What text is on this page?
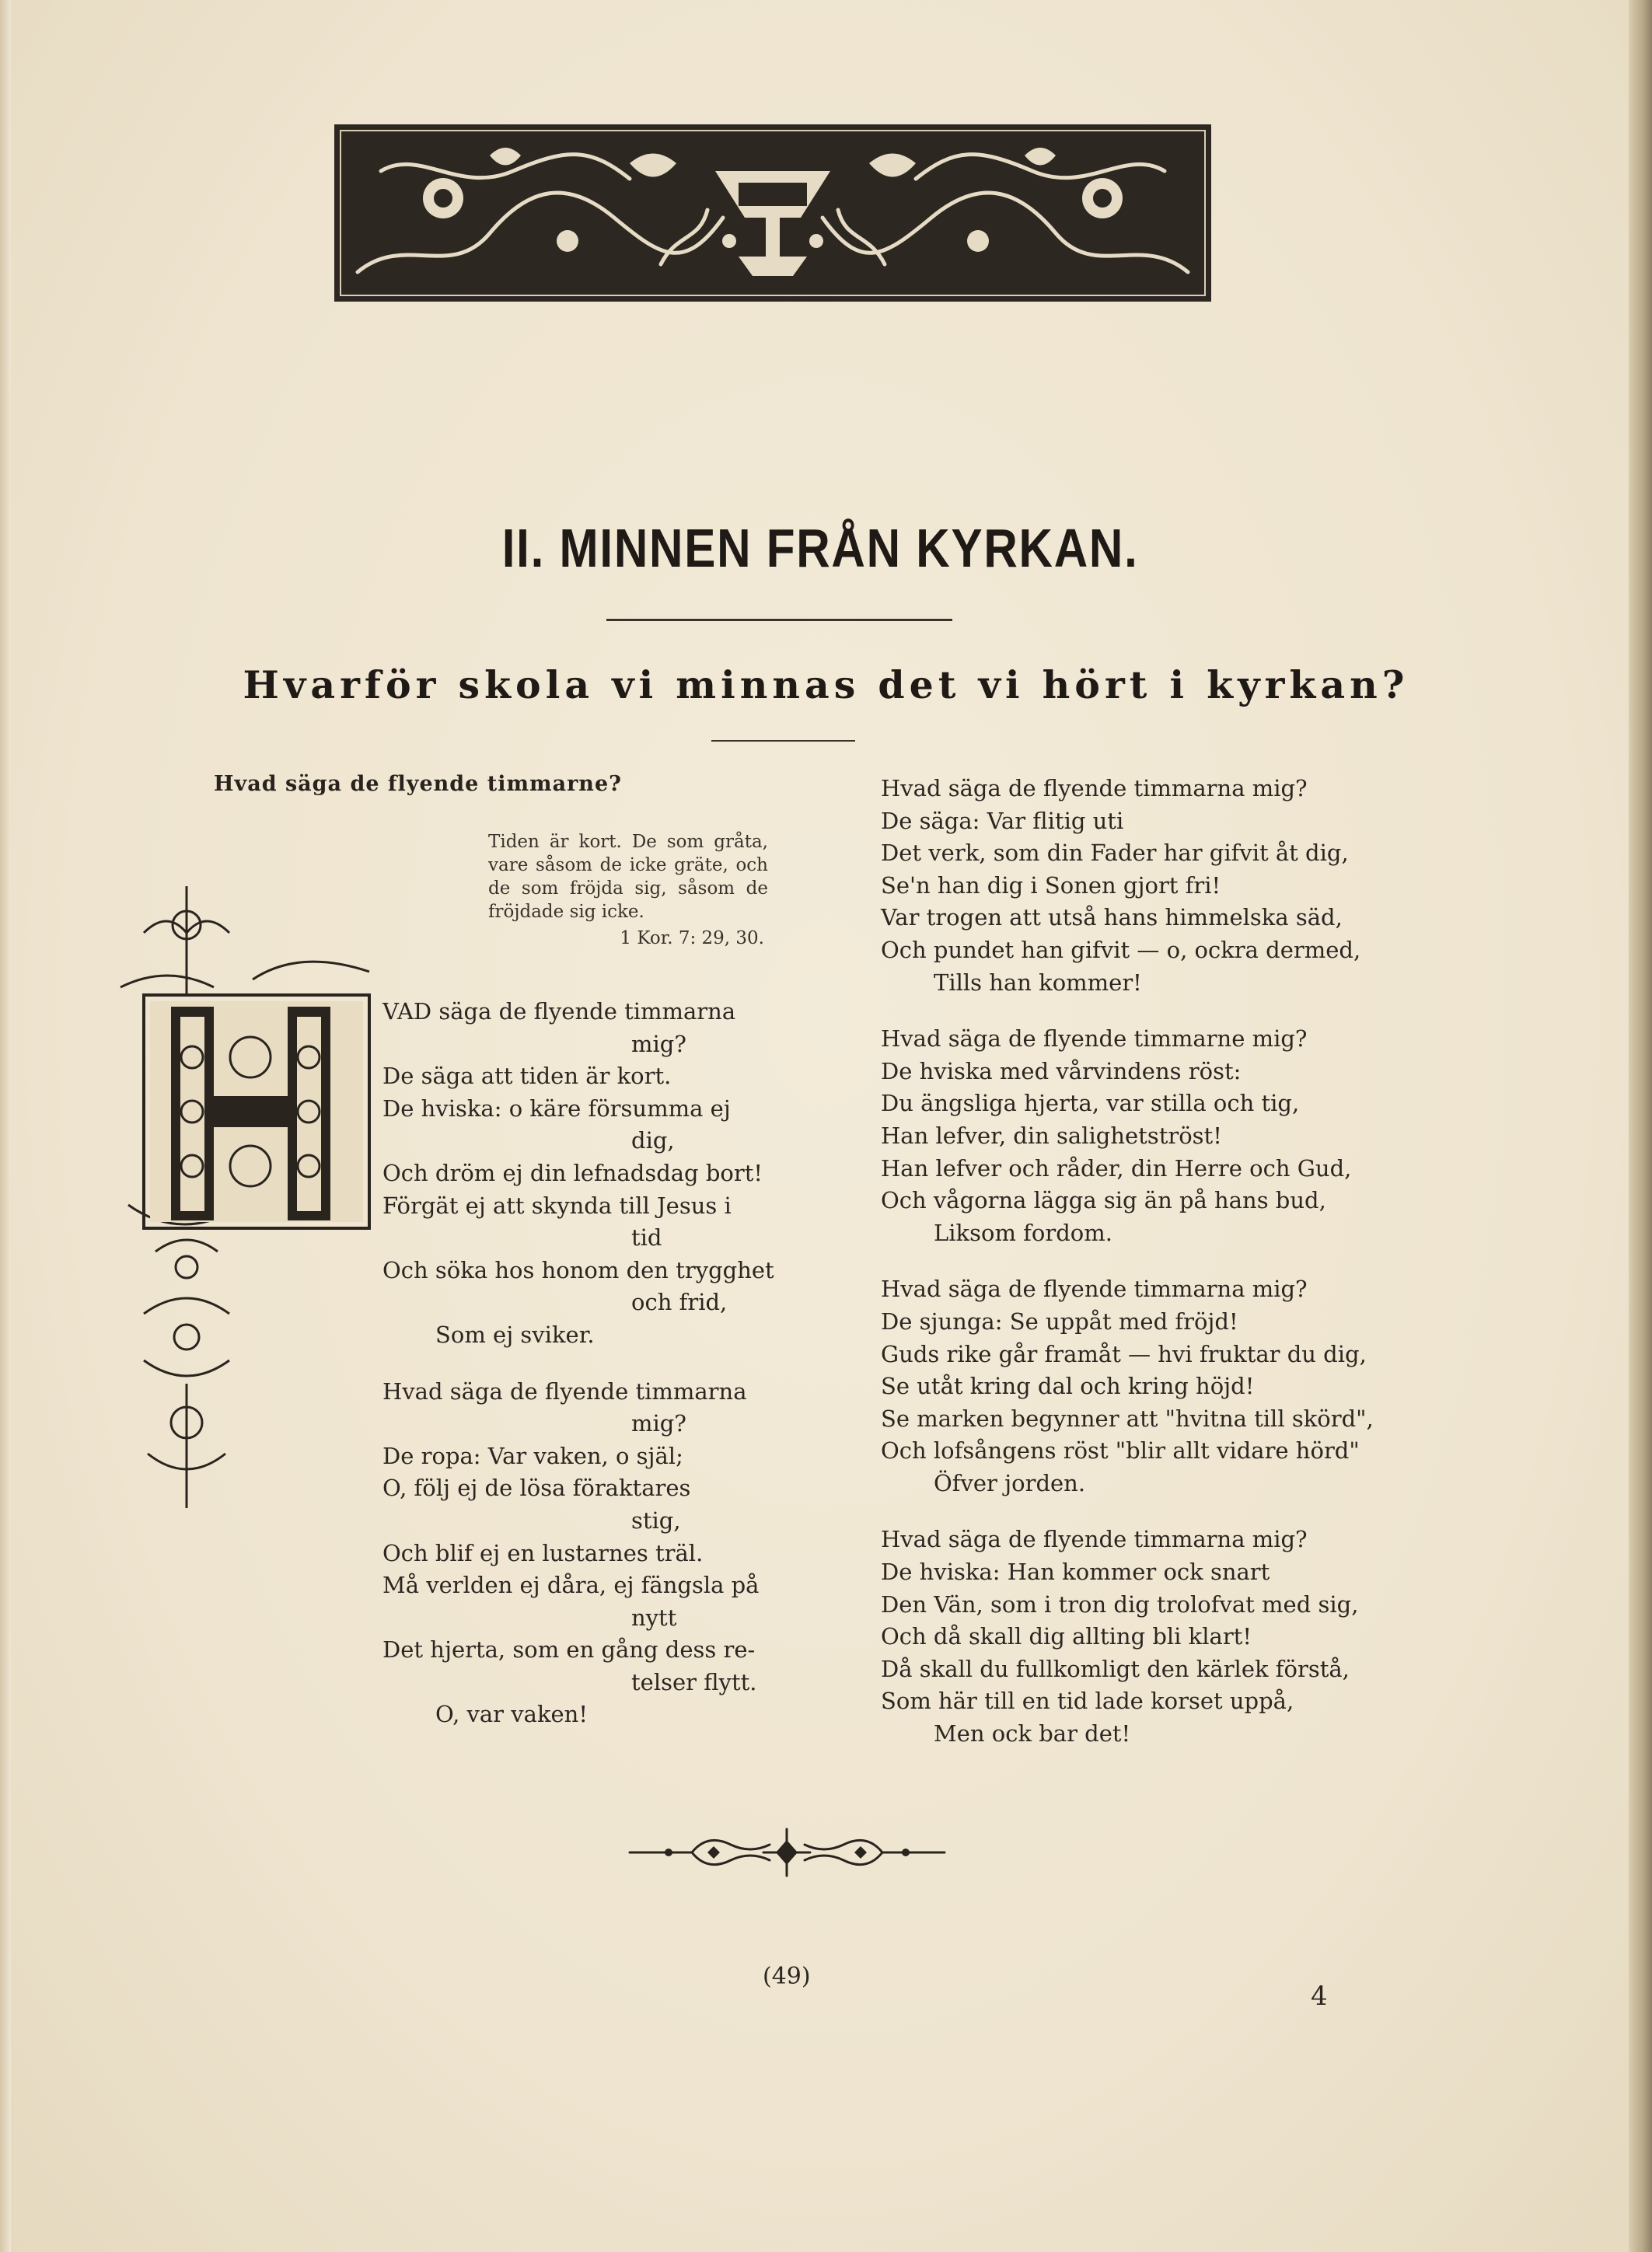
II. MINNEN FRÅN KYRKAN.
Hvarför skola vi minnas det vi hört i kyrkan?
Hvad säga de flyende timmarne?
Tiden är kort. De som gråta, vare såsom de icke gräte, och de som fröjda sig, såsom de fröjdade sig icke.
1 Kor. 7: 29, 30.
VAD säga de flyende timmarna
mig?
De säga att tiden är kort.
De hviska: o käre försumma ej
dig,
Och dröm ej din lefnadsdag bort!
Förgät ej att skynda till Jesus i
tid
Och söka hos honom den trygghet
och frid,
Som ej sviker.
Hvad säga de flyende timmarna
mig?
De ropa: Var vaken, o själ;
O, följ ej de lösa föraktares
stig,
Och blif ej en lustarnes träl.
Må verlden ej dåra, ej fängsla på
nytt
Det hjerta, som en gång dess re-
telser flytt.
O, var vaken!
Hvad säga de flyende timmarna mig?
De säga: Var flitig uti
Det verk, som din Fader har gifvit åt dig,
Se'n han dig i Sonen gjort fri!
Var trogen att utså hans himmelska säd,
Och pundet han gifvit — o, ockra dermed,
Tills han kommer!
Hvad säga de flyende timmarne mig?
De hviska med vårvindens röst:
Du ängsliga hjerta, var stilla och tig,
Han lefver, din salighetströst!
Han lefver och råder, din Herre och Gud,
Och vågorna lägga sig än på hans bud,
Liksom fordom.
Hvad säga de flyende timmarna mig?
De sjunga: Se uppåt med fröjd!
Guds rike går framåt — hvi fruktar du dig,
Se utåt kring dal och kring höjd!
Se marken begynner att "hvitna till skörd",
Och lofsångens röst "blir allt vidare hörd"
Öfver jorden.
Hvad säga de flyende timmarna mig?
De hviska: Han kommer ock snart
Den Vän, som i tron dig trolofvat med sig,
Och då skall dig allting bli klart!
Då skall du fullkomligt den kärlek förstå,
Som här till en tid lade korset uppå,
Men ock bar det!
(49)
4
